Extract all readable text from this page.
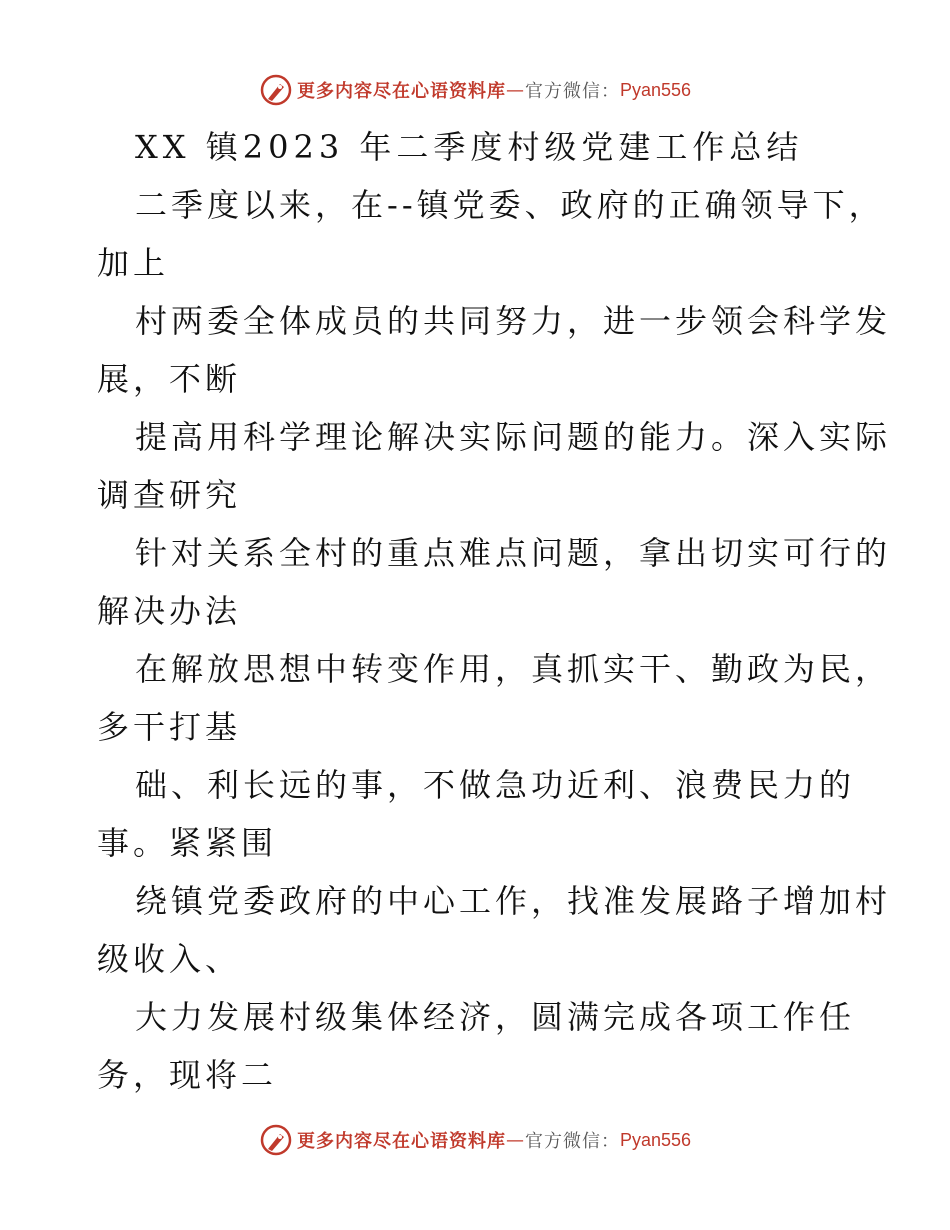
更多内容尽在心语资料库 — 官方微信： Pyan556
XX 镇2023 年二季度村级党建工作总结
二季度以来，在--镇党委、政府的正确领导下，
加上
村两委全体成员的共同努力，进一步领会科学发
展，不断
提高用科学理论解决实际问题的能力。深入实际
调查研究
针对关系全村的重点难点问题，拿出切实可行的
解决办法
在解放思想中转变作用，真抓实干、勤政为民，
多干打基
础、利长远的事，不做急功近利、浪费民力的
事。紧紧围
绕镇党委政府的中心工作，找准发展路子增加村
级收入、
大力发展村级集体经济，圆满完成各项工作任
务，现将二
更多内容尽在心语资料库 — 官方微信： Pyan556
